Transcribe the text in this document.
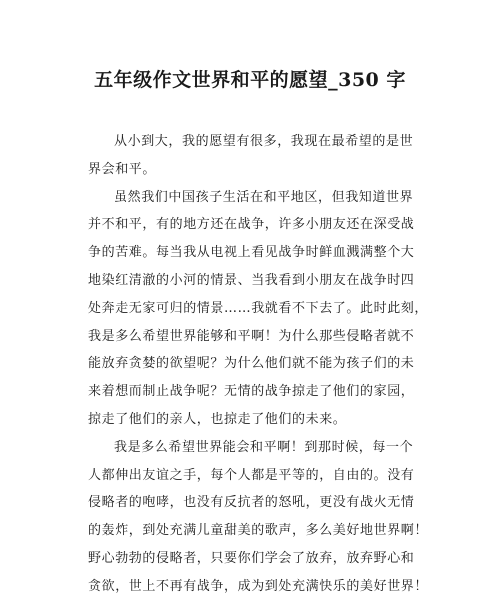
五年级作文世界和平的愿望_350 字
从小到大，我的愿望有很多，我现在最希望的是世
界会和平。
虽然我们中国孩子生活在和平地区，但我知道世界
并不和平，有的地方还在战争，许多小朋友还在深受战
争的苦难。每当我从电视上看见战争时鲜血溅满整个大
地染红清澈的小河的情景、当我看到小朋友在战争时四
处奔走无家可归的情景……我就看不下去了。此时此刻，
我是多么希望世界能够和平啊！为什么那些侵略者就不
能放弃贪婪的欲望呢？为什么他们就不能为孩子们的未
来着想而制止战争呢？无情的战争掠走了他们的家园，
掠走了他们的亲人，也掠走了他们的未来。
我是多么希望世界能会和平啊！到那时候，每一个
人都伸出友谊之手，每个人都是平等的，自由的。没有
侵略者的咆哮，也没有反抗者的怒吼，更没有战火无情
的轰炸，到处充满儿童甜美的歌声，多么美好地世界啊！
野心勃勃的侵略者，只要你们学会了放弃，放弃野心和
贪欲，世上不再有战争，成为到处充满快乐的美好世界！
